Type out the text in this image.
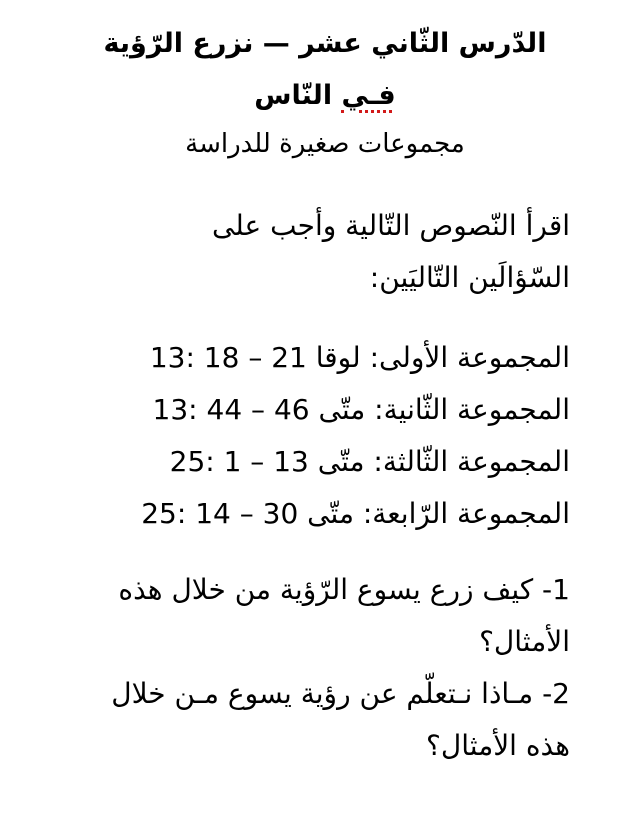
الدّرس الثّاني عشر — نزرع الرّؤية
فـي النّاس
مجموعات صغيرة للدراسة
اقرأ النّصوص التّالية وأجب على السّؤالَين التّاليَين:
المجموعة الأولى: لوقا 13: 18 – 21
المجموعة الثّانية: متّى 13: 44 – 46
المجموعة الثّالثة: متّى 25: 1 – 13
المجموعة الرّابعة: متّى 25: 14 – 30

1- كيف زرع يسوع الرّؤية من خلال هذه الأمثال؟

2- مـاذا نـتعلّم عن رؤية يسوع مـن خلال هذه الأمثال؟
